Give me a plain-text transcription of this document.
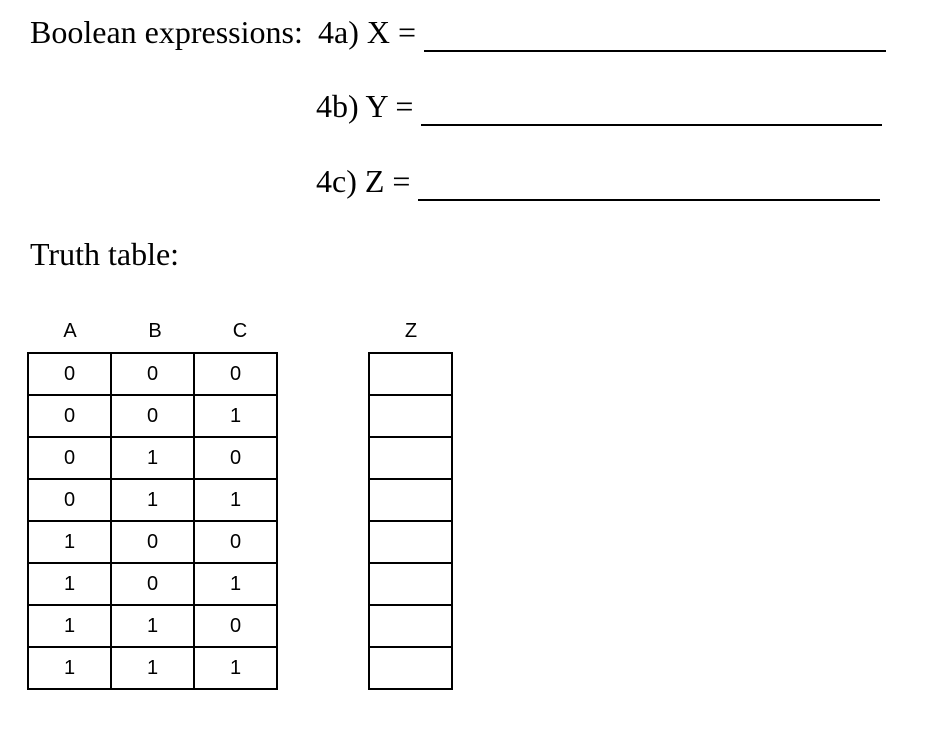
Boolean expressions: 4a) X =
4b) Y =
4c) Z =
Truth table:
A	B	C	Z
0	0	0
0	0	1
0	1	0
0	1	1
1	0	0
1	0	1
1	1	0
1	1	1
